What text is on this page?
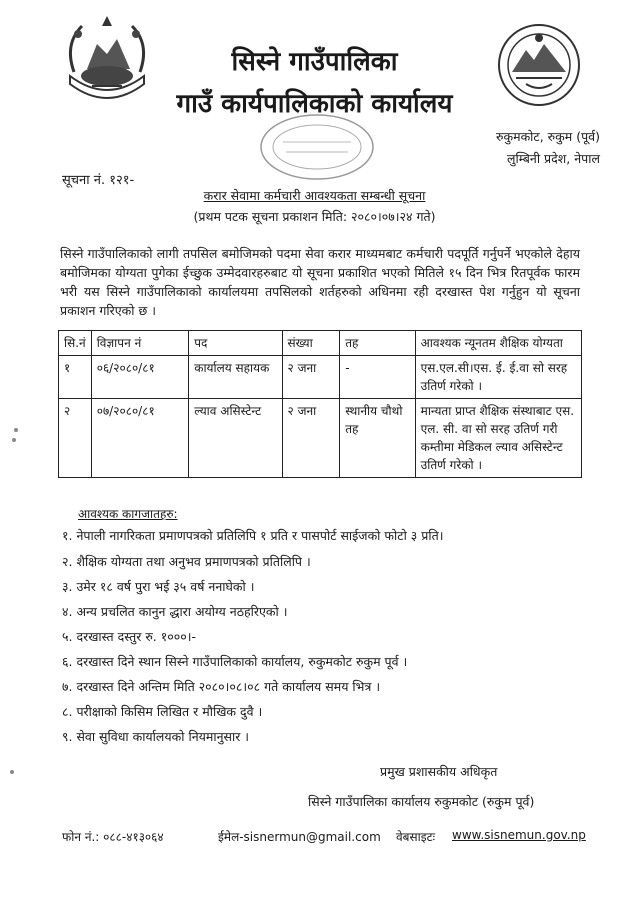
सिस्ने गाउँपालिका
गाउँ कार्यपालिकाको कार्यालय
रुकुमकोट, रुकुम (पूर्व)
लुम्बिनी प्रदेश, नेपाल
सूचना नं. १२१-
करार सेवामा कर्मचारी आवश्यकता सम्बन्धी सूचना
(प्रथम पटक सूचना प्रकाशन मिति: २०८०।०७।२४ गते)
सिस्ने गाउँपालिकाको लागी तपसिल बमोजिमको पदमा सेवा करार माध्यमबाट कर्मचारी पदपूर्ति गर्नुपर्ने भएकोले देहाय बमोजिमका योग्यता पुगेका ईच्छुक उम्मेदवारहरुबाट यो सूचना प्रकाशित भएको मितिले १५ दिन भित्र रितपूर्वक फारम भरी यस सिस्ने गाउँपालिकाको कार्यालयमा तपसिलको शर्तहरुको अधिनमा रही दरखास्त पेश गर्नुहुन यो सूचना प्रकाशन गरिएको छ ।
सि.नं	विज्ञापन नं	पद	संख्या	तह	आवश्यक न्यूनतम शैक्षिक योग्यता
१	०६/२०८०/८१	कार्यालय सहायक	२ जना	-	एस.एल.सी।एस. ई. ई.वा सो सरह उतिर्ण गरेको ।
२	०७/२०८०/८१	ल्याव असिस्टेन्ट	२ जना	स्थानीय चौथो तह	मान्यता प्राप्त शैक्षिक संस्थाबाट एस. एल. सी. वा सो सरह उतिर्ण गरी कम्तीमा मेडिकल ल्याव असिस्टेन्ट उतिर्ण गरेको ।
आवश्यक कागजातहरु:
१. नेपाली नागरिकता प्रमाणपत्रको प्रतिलिपि १ प्रति र पासपोर्ट साईजको फोटो ३ प्रति।
२. शैक्षिक योग्यता तथा अनुभव प्रमाणपत्रको प्रतिलिपि ।
३. उमेर १८ वर्ष पुरा भई ३५ वर्ष ननाघेको ।
४. अन्य प्रचलित कानुन द्धारा अयोग्य नठहरिएको ।
५. दरखास्त दस्तुर रु. १०००।-
६. दरखास्त दिने स्थान सिस्ने गाउँपालिकाको कार्यालय, रुकुमकोट रुकुम पूर्व ।
७. दरखास्त दिने अन्तिम मिति २०८०।०८।०८ गते कार्यालय समय भित्र ।
८. परीक्षाको किसिम लिखित र मौखिक दुवै ।
९. सेवा सुविधा कार्यालयको नियमानुसार ।
प्रमुख प्रशासकीय अधिकृत
सिस्ने गाउँपालिका कार्यालय रुकुमकोट (रुकुम पूर्व)
फोन नं.: ०८८-४१३०६४	ईमेल-sisnermun@gmail.com वेबसाइटः www.sisnemun.gov.np
